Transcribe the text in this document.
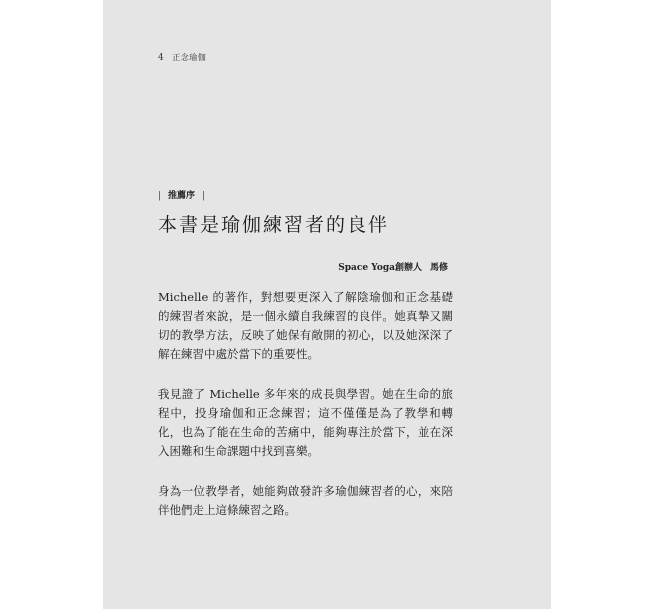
4 正念瑜伽
| 推薦序 |
本書是瑜伽練習者的良伴
Space Yoga創辦人 馬修

Michelle 的著作，對想要更深入了解陰瑜伽和正念基礎的練習者來說，是一個永續自我練習的良伴。她真摯又關切的教學方法，反映了她保有敞開的初心，以及她深深了解在練習中處於當下的重要性。

我見證了 Michelle 多年來的成長與學習。她在生命的旅程中，投身瑜伽和正念練習；這不僅僅是為了教學和轉化，也為了能在生命的苦痛中，能夠專注於當下，並在深入困難和生命課題中找到喜樂。

身為一位教學者，她能夠啟發許多瑜伽練習者的心，來陪伴他們走上這條練習之路。
